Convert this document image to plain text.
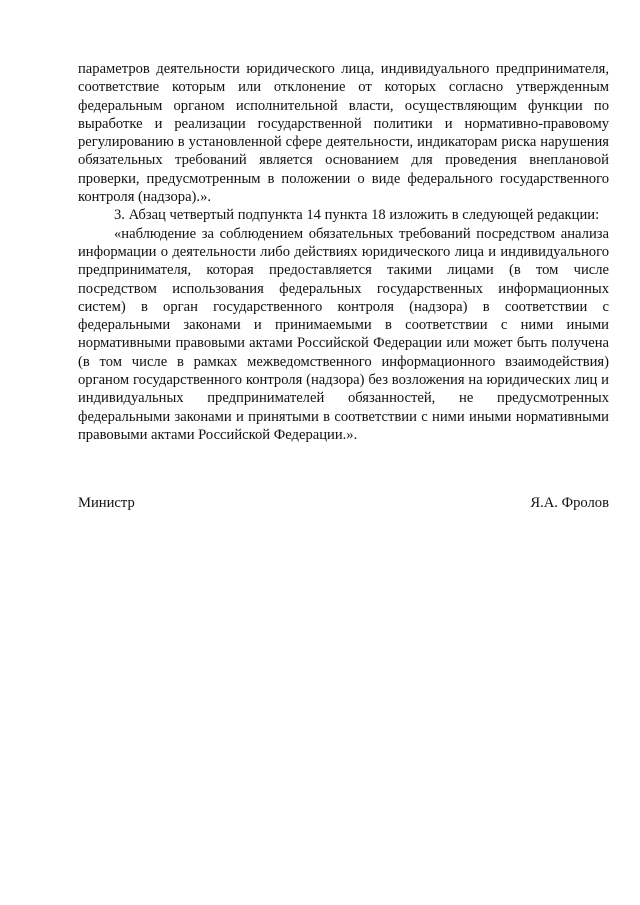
параметров деятельности юридического лица, индивидуального предпринимателя, соответствие которым или отклонение от которых согласно утвержденным федеральным органом исполнительной власти, осуществляющим функции по выработке и реализации государственной политики и нормативно-правовому регулированию в установленной сфере деятельности, индикаторам риска нарушения обязательных требований является основанием для проведения внеплановой проверки, предусмотренным в положении о виде федерального государственного контроля (надзора).».

3. Абзац четвертый подпункта 14 пункта 18 изложить в следующей редакции:

«наблюдение за соблюдением обязательных требований посредством анализа информации о деятельности либо действиях юридического лица и индивидуального предпринимателя, которая предоставляется такими лицами (в том числе посредством использования федеральных государственных информационных систем) в орган государственного контроля (надзора) в соответствии с федеральными законами и принимаемыми в соответствии с ними иными нормативными правовыми актами Российской Федерации или может быть получена (в том числе в рамках межведомственного информационного взаимодействия) органом государственного контроля (надзора) без возложения на юридических лиц и индивидуальных предпринимателей обязанностей, не предусмотренных федеральными законами и принятыми в соответствии с ними иными нормативными правовыми актами Российской Федерации.».

Министр	Я.А. Фролов
